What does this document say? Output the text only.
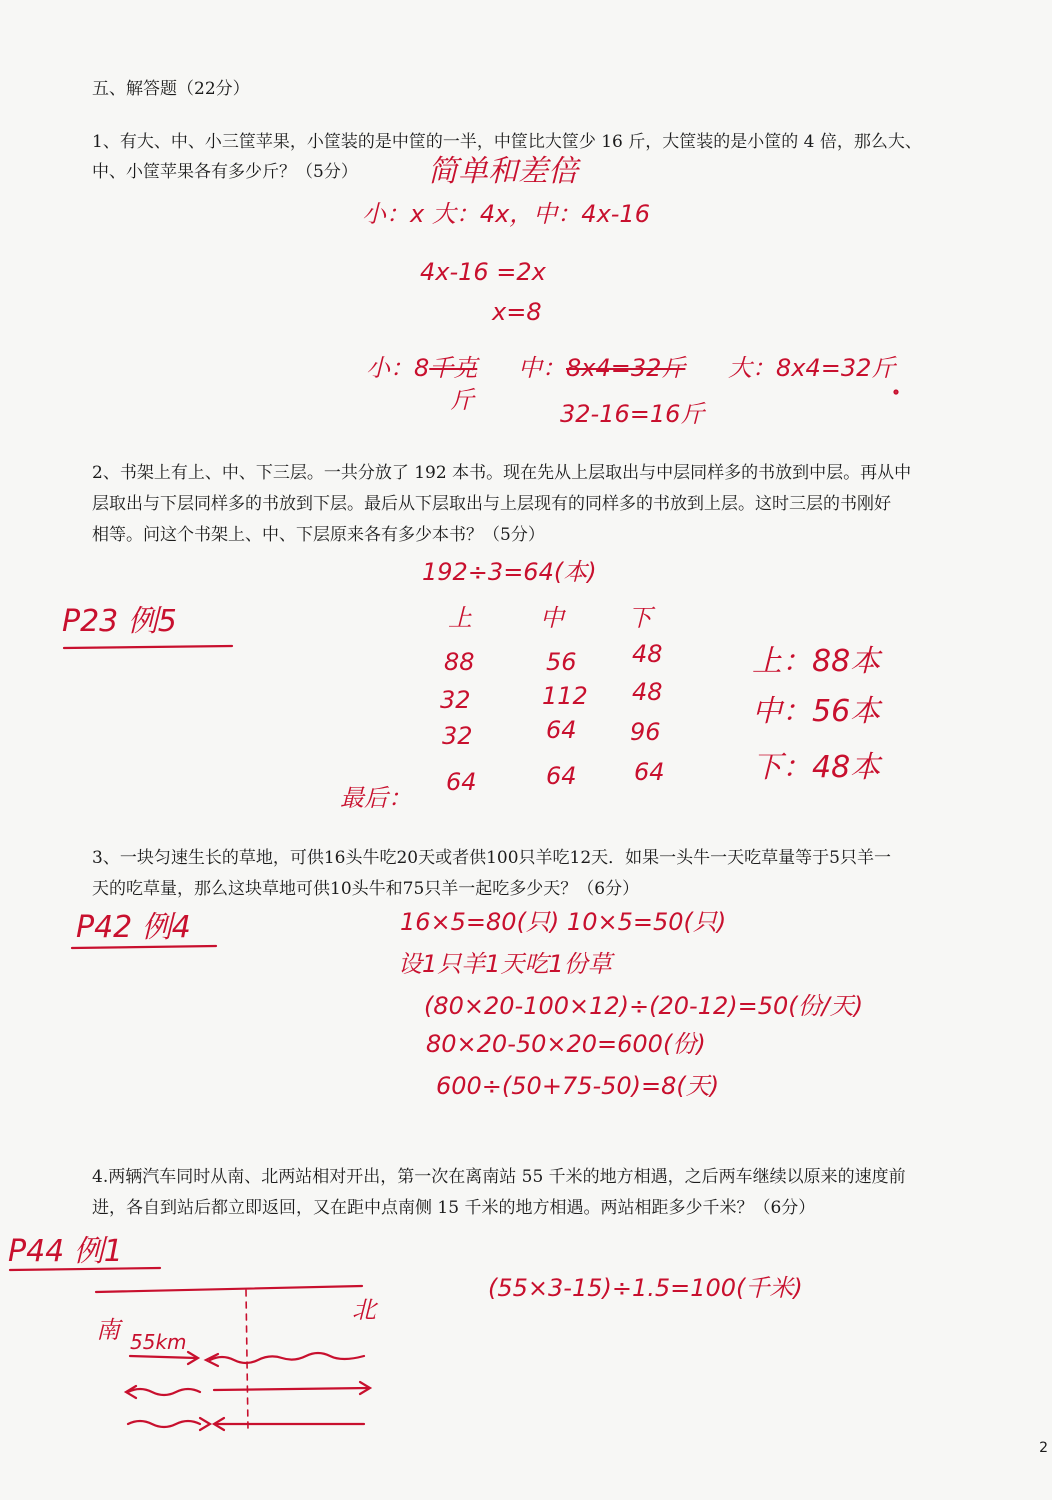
五、解答题（22分）
1、有大、中、小三筐苹果，小筐装的是中筐的一半，中筐比大筐少 16 斤，大筐装的是小筐的 4 倍，那么大、
中、小筐苹果各有多少斤？（5分） 简单和差倍
小：x 大：4x，中：4x-16
4x-16 =2x
x=8
小：8千克
斤
中：8x4=32斤
32-16=16斤
大：8x4=32斤
2、书架上有上、中、下三层。一共分放了 192 本书。现在先从上层取出与中层同样多的书放到中层。再从中
层取出与下层同样多的书放到下层。最后从下层取出与上层现有的同样多的书放到上层。这时三层的书刚好
相等。问这个书架上、中、下层原来各有多少本书？（5分）
192÷3=64(本)
P23 例5	上	中	下
88	56 48
32	112 48
32	64 96
最后：
64	64 64
上：88本
中：56本
下：48本
3、一块匀速生长的草地，可供16头牛吃20天或者供100只羊吃12天．如果一头牛一天吃草量等于5只羊一
天的吃草量，那么这块草地可供10头牛和75只羊一起吃多少天？（6分）
P42 例4	16×5=80(只) 10×5=50(只)
设1只羊1天吃1份草
(80×20-100×12)÷(20-12)=50(份/天)
80×20-50×20=600(份)
600÷(50+75-50)=8(天)
4.两辆汽车同时从南、北两站相对开出，第一次在离南站 55 千米的地方相遇，之后两车继续以原来的速度前
进，各自到站后都立即返回，又在距中点南侧 15 千米的地方相遇。两站相距多少千米？（6分）
P44 例1
(55×3-15)÷1.5=100(千米)
南
北
55km
2
